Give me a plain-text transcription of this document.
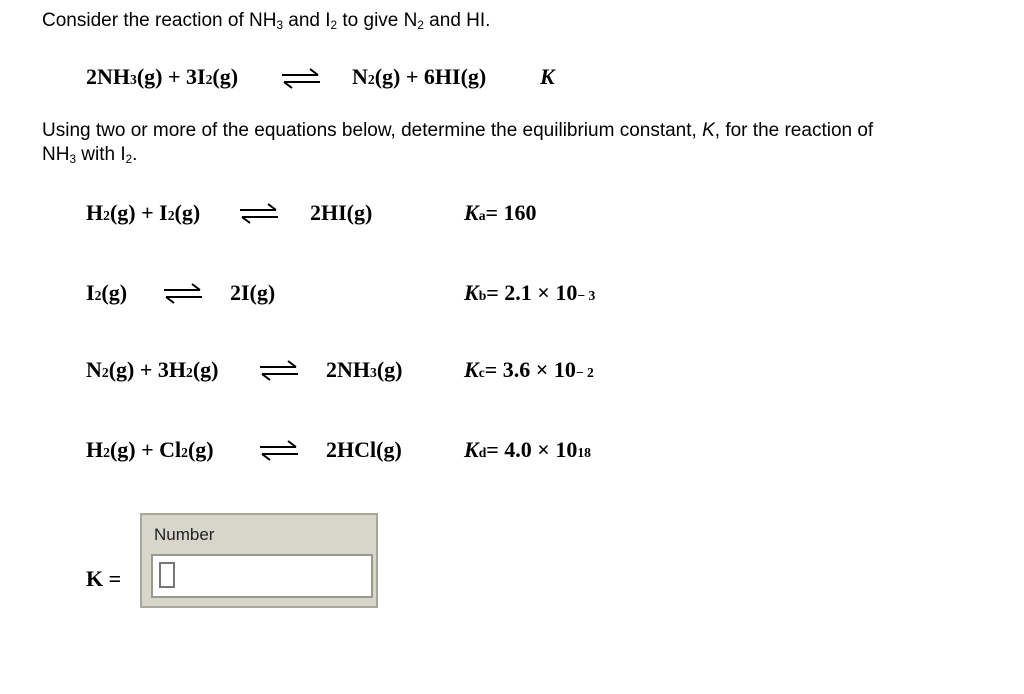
Consider the reaction of $NH_3$ and $I_2$ to give $N_2$ and HI.
2NH 3 (g) + 3I 2 (g)	N 2 (g) + 6HI(g) K
Using two or more of the equations below, determine the equilibrium constant, K, for the reaction of
$NH_3$ with $I_2$.
H 2 (g) + I 2 (g)	2HI(g)	K a = 160
I 2 (g) ⇌ 2I(g)	K b = 2.1 × 10 − 3
N 2 (g) + 3H 2 (g) ⇌ 2NH 3 (g)	K c = 3.6 × 10 − 2
H 2 (g) + Cl 2 (g)	⇌ 2HCl(g)	K d = 4.0 × 10 18
K =
Number
